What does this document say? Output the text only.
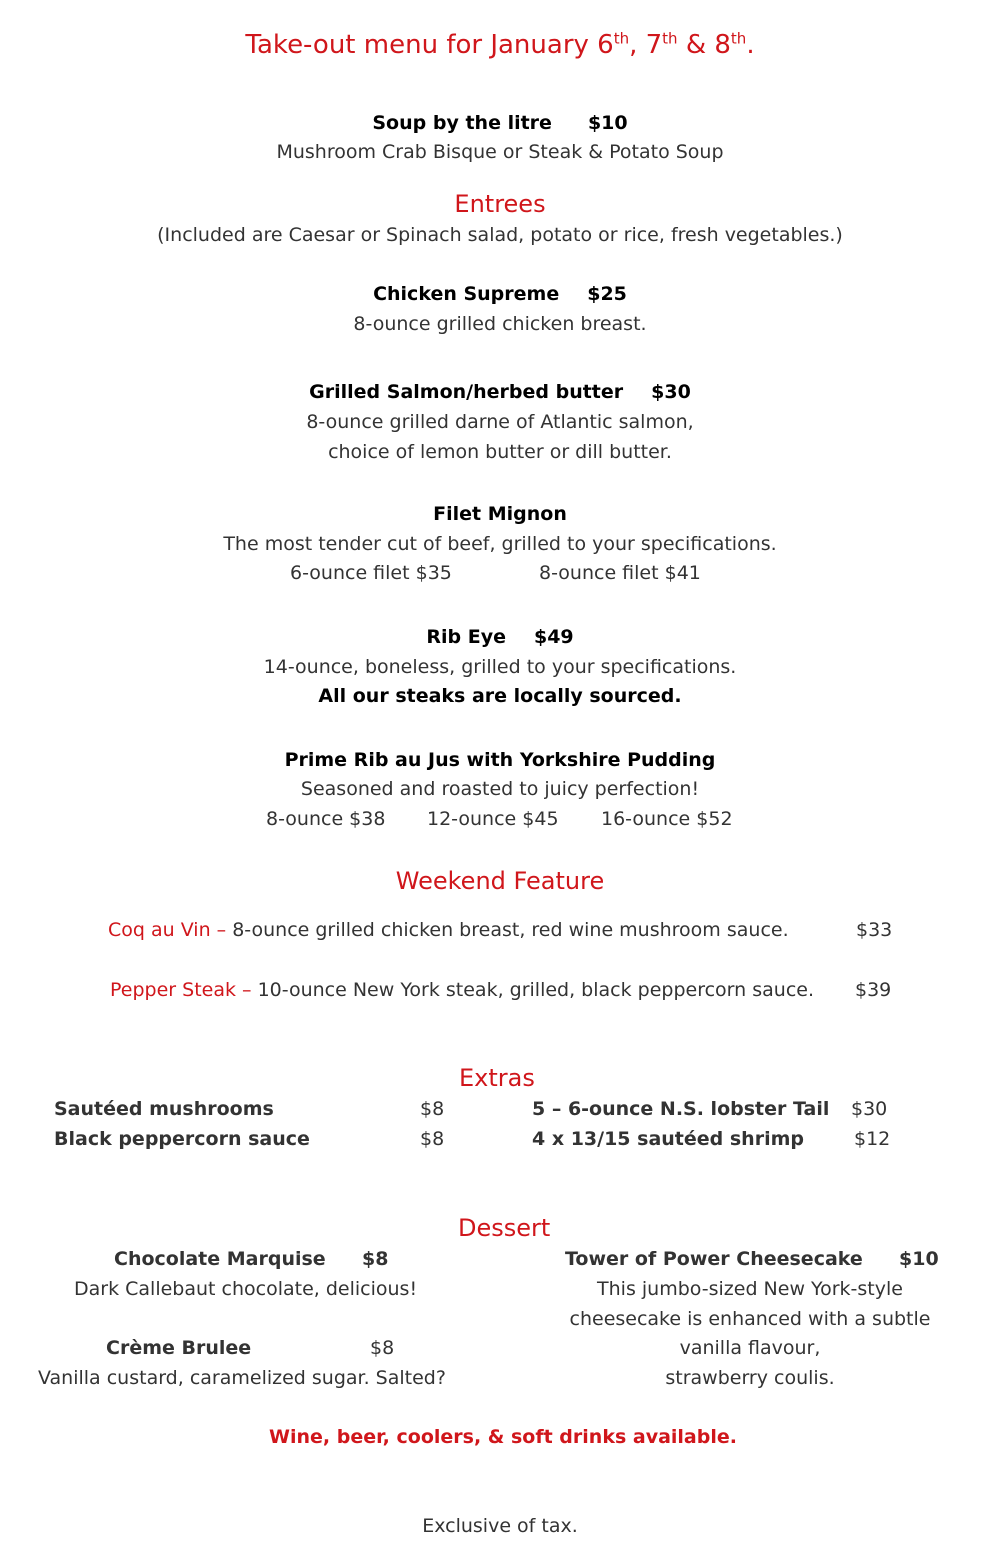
Take-out menu for January 6th, 7th & 8th.
Soup by the litre $10
Mushroom Crab Bisque or Steak & Potato Soup
Entrees
(Included are Caesar or Spinach salad, potato or rice, fresh vegetables.)
Chicken Supreme $25
8-ounce grilled chicken breast.
Grilled Salmon/herbed butter $30
8-ounce grilled darne of Atlantic salmon,
choice of lemon butter or dill butter.
Filet Mignon
The most tender cut of beef, grilled to your specifications.
6-ounce filet $35	8-ounce filet $41
Rib Eye $49
14-ounce, boneless, grilled to your specifications.
All our steaks are locally sourced.
Prime Rib au Jus with Yorkshire Pudding
Seasoned and roasted to juicy perfection!
8-ounce $38 12-ounce $45 16-ounce $52
Weekend Feature
Coq au Vin – 8-ounce grilled chicken breast, red wine mushroom sauce.	$33
Pepper Steak – 10-ounce New York steak, grilled, black peppercorn sauce. $39
Extras
Sautéed mushrooms	$8
Black peppercorn sauce	$8
5 – 6-ounce N.S. lobster Tail $30
4 x 13/15 sautéed shrimp	$12
Dessert
Chocolate Marquise $8
Dark Callebaut chocolate, delicious!
Crème Brulee	$8
Vanilla custard, caramelized sugar. Salted?
Tower of Power Cheesecake $10
This jumbo-sized New York-style
cheesecake is enhanced with a subtle
vanilla flavour,
strawberry coulis.
Wine, beer, coolers, & soft drinks available.
Exclusive of tax.
